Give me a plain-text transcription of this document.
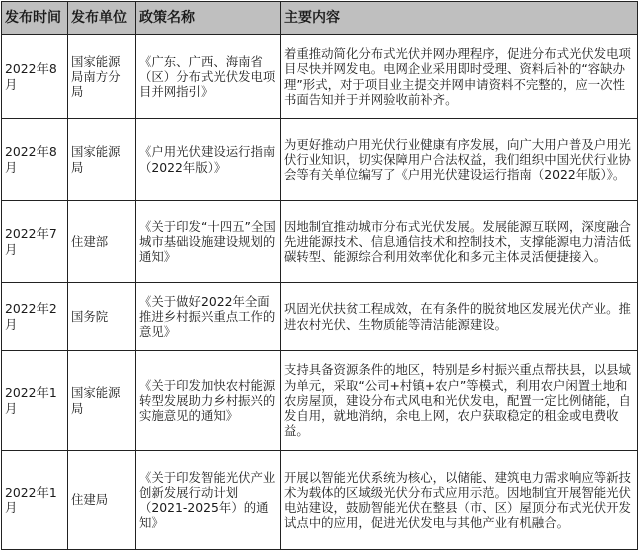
发布时间	发布单位	政策名称	主要内容
2022年8月	国家能源局南方分局	《广东、广西、海南省（区）分布式光伏发电项目并网指引》	着重推动简化分布式光伏并网办理程序，促进分布式光伏发电项目尽快并网发电。电网企业采用即时受理、资料后补的“容缺办理”形式，对于项目业主提交并网申请资料不完整的，应一次性书面告知并于并网验收前补齐。
2022年8月	国家能源局	《户用光伏建设运行指南（2022年版）》	为更好推动户用光伏行业健康有序发展，向广大用户普及户用光伏行业知识，切实保障用户合法权益，我们组织中国光伏行业协会等有关单位编写了《户用光伏建设运行指南（2022年版）》。
2022年7月	住建部	《关于印发“十四五”全国城市基础设施建设规划的通知》	因地制宜推动城市分布式光伏发展。发展能源互联网，深度融合先进能源技术、信息通信技术和控制技术，支撑能源电力清洁低碳转型、能源综合利用效率优化和多元主体灵活便捷接入。
2022年2月	国务院	《关于做好2022年全面推进乡村振兴重点工作的意见》	巩固光伏扶贫工程成效，在有条件的脱贫地区发展光伏产业。推进农村光伏、生物质能等清洁能源建设。
2022年1月	国家能源局	《关于印发加快农村能源转型发展助力乡村振兴的实施意见的通知》	支持具备资源条件的地区，特别是乡村振兴重点帮扶县，以县域为单元，采取“公司+村镇+农户”等模式，利用农户闲置土地和农房屋顶，建设分布式风电和光伏发电，配置一定比例储能，自发自用，就地消纳，余电上网，农户获取稳定的租金或电费收益。
2022年1月	住建局	《关于印发智能光伏产业创新发展行动计划（2021-2025年）的通知》	开展以智能光伏系统为核心，以储能、建筑电力需求响应等新技术为载体的区域级光伏分布式应用示范。因地制宜开展智能光伏电站建设，鼓励智能光伏在整县（市、区）屋顶分布式光伏开发试点中的应用，促进光伏发电与其他产业有机融合。
